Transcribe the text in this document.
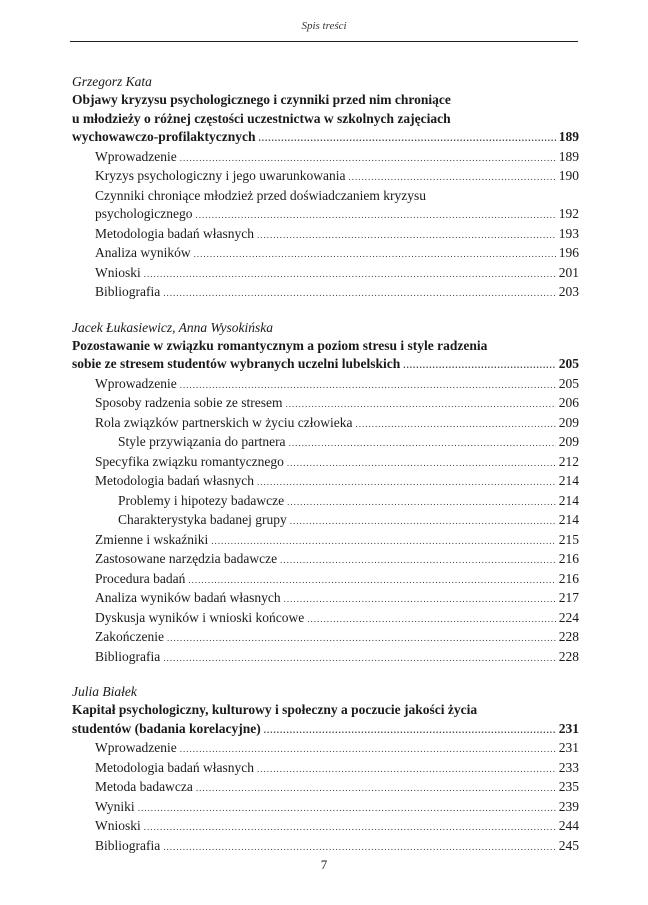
Spis treści
Grzegorz Kata
Objawy kryzysu psychologicznego i czynniki przed nim chroniące
u młodzieży o różnej częstości uczestnictwa w szkolnych zajęciach
wychowawczo-profilaktycznych .....	189
Wprowadzenie .....	189
Kryzys psychologiczny i jego uwarunkowania .....	190
Czynniki chroniące młodzież przed doświadczaniem kryzysu
psychologicznego .....	192
Metodologia badań własnych .....	193
Analiza wyników .....	196
Wnioski .....	201
Bibliografia .....	203
Jacek Łukasiewicz, Anna Wysokińska
Pozostawanie w związku romantycznym a poziom stresu i style radzenia
sobie ze stresem studentów wybranych uczelni lubelskich .....	205
Wprowadzenie .....	205
Sposoby radzenia sobie ze stresem .....	206
Rola związków partnerskich w życiu człowieka .....	209
Style przywiązania do partnera .....	209
Specyfika związku romantycznego .....	212
Metodologia badań własnych .....	214
Problemy i hipotezy badawcze .....	214
Charakterystyka badanej grupy .....	214
Zmienne i wskaźniki .....	215
Zastosowane narzędzia badawcze .....	216
Procedura badań .....	216
Analiza wyników badań własnych .....	217
Dyskusja wyników i wnioski końcowe .....	224
Zakończenie .....	228
Bibliografia .....	228
Julia Białek
Kapitał psychologiczny, kulturowy i społeczny a poczucie jakości życia
studentów (badania korelacyjne) .....	231
Wprowadzenie .....	231
Metodologia badań własnych .....	233
Metoda badawcza .....	235
Wyniki .....	239
Wnioski .....	244
Bibliografia .....	245
7
